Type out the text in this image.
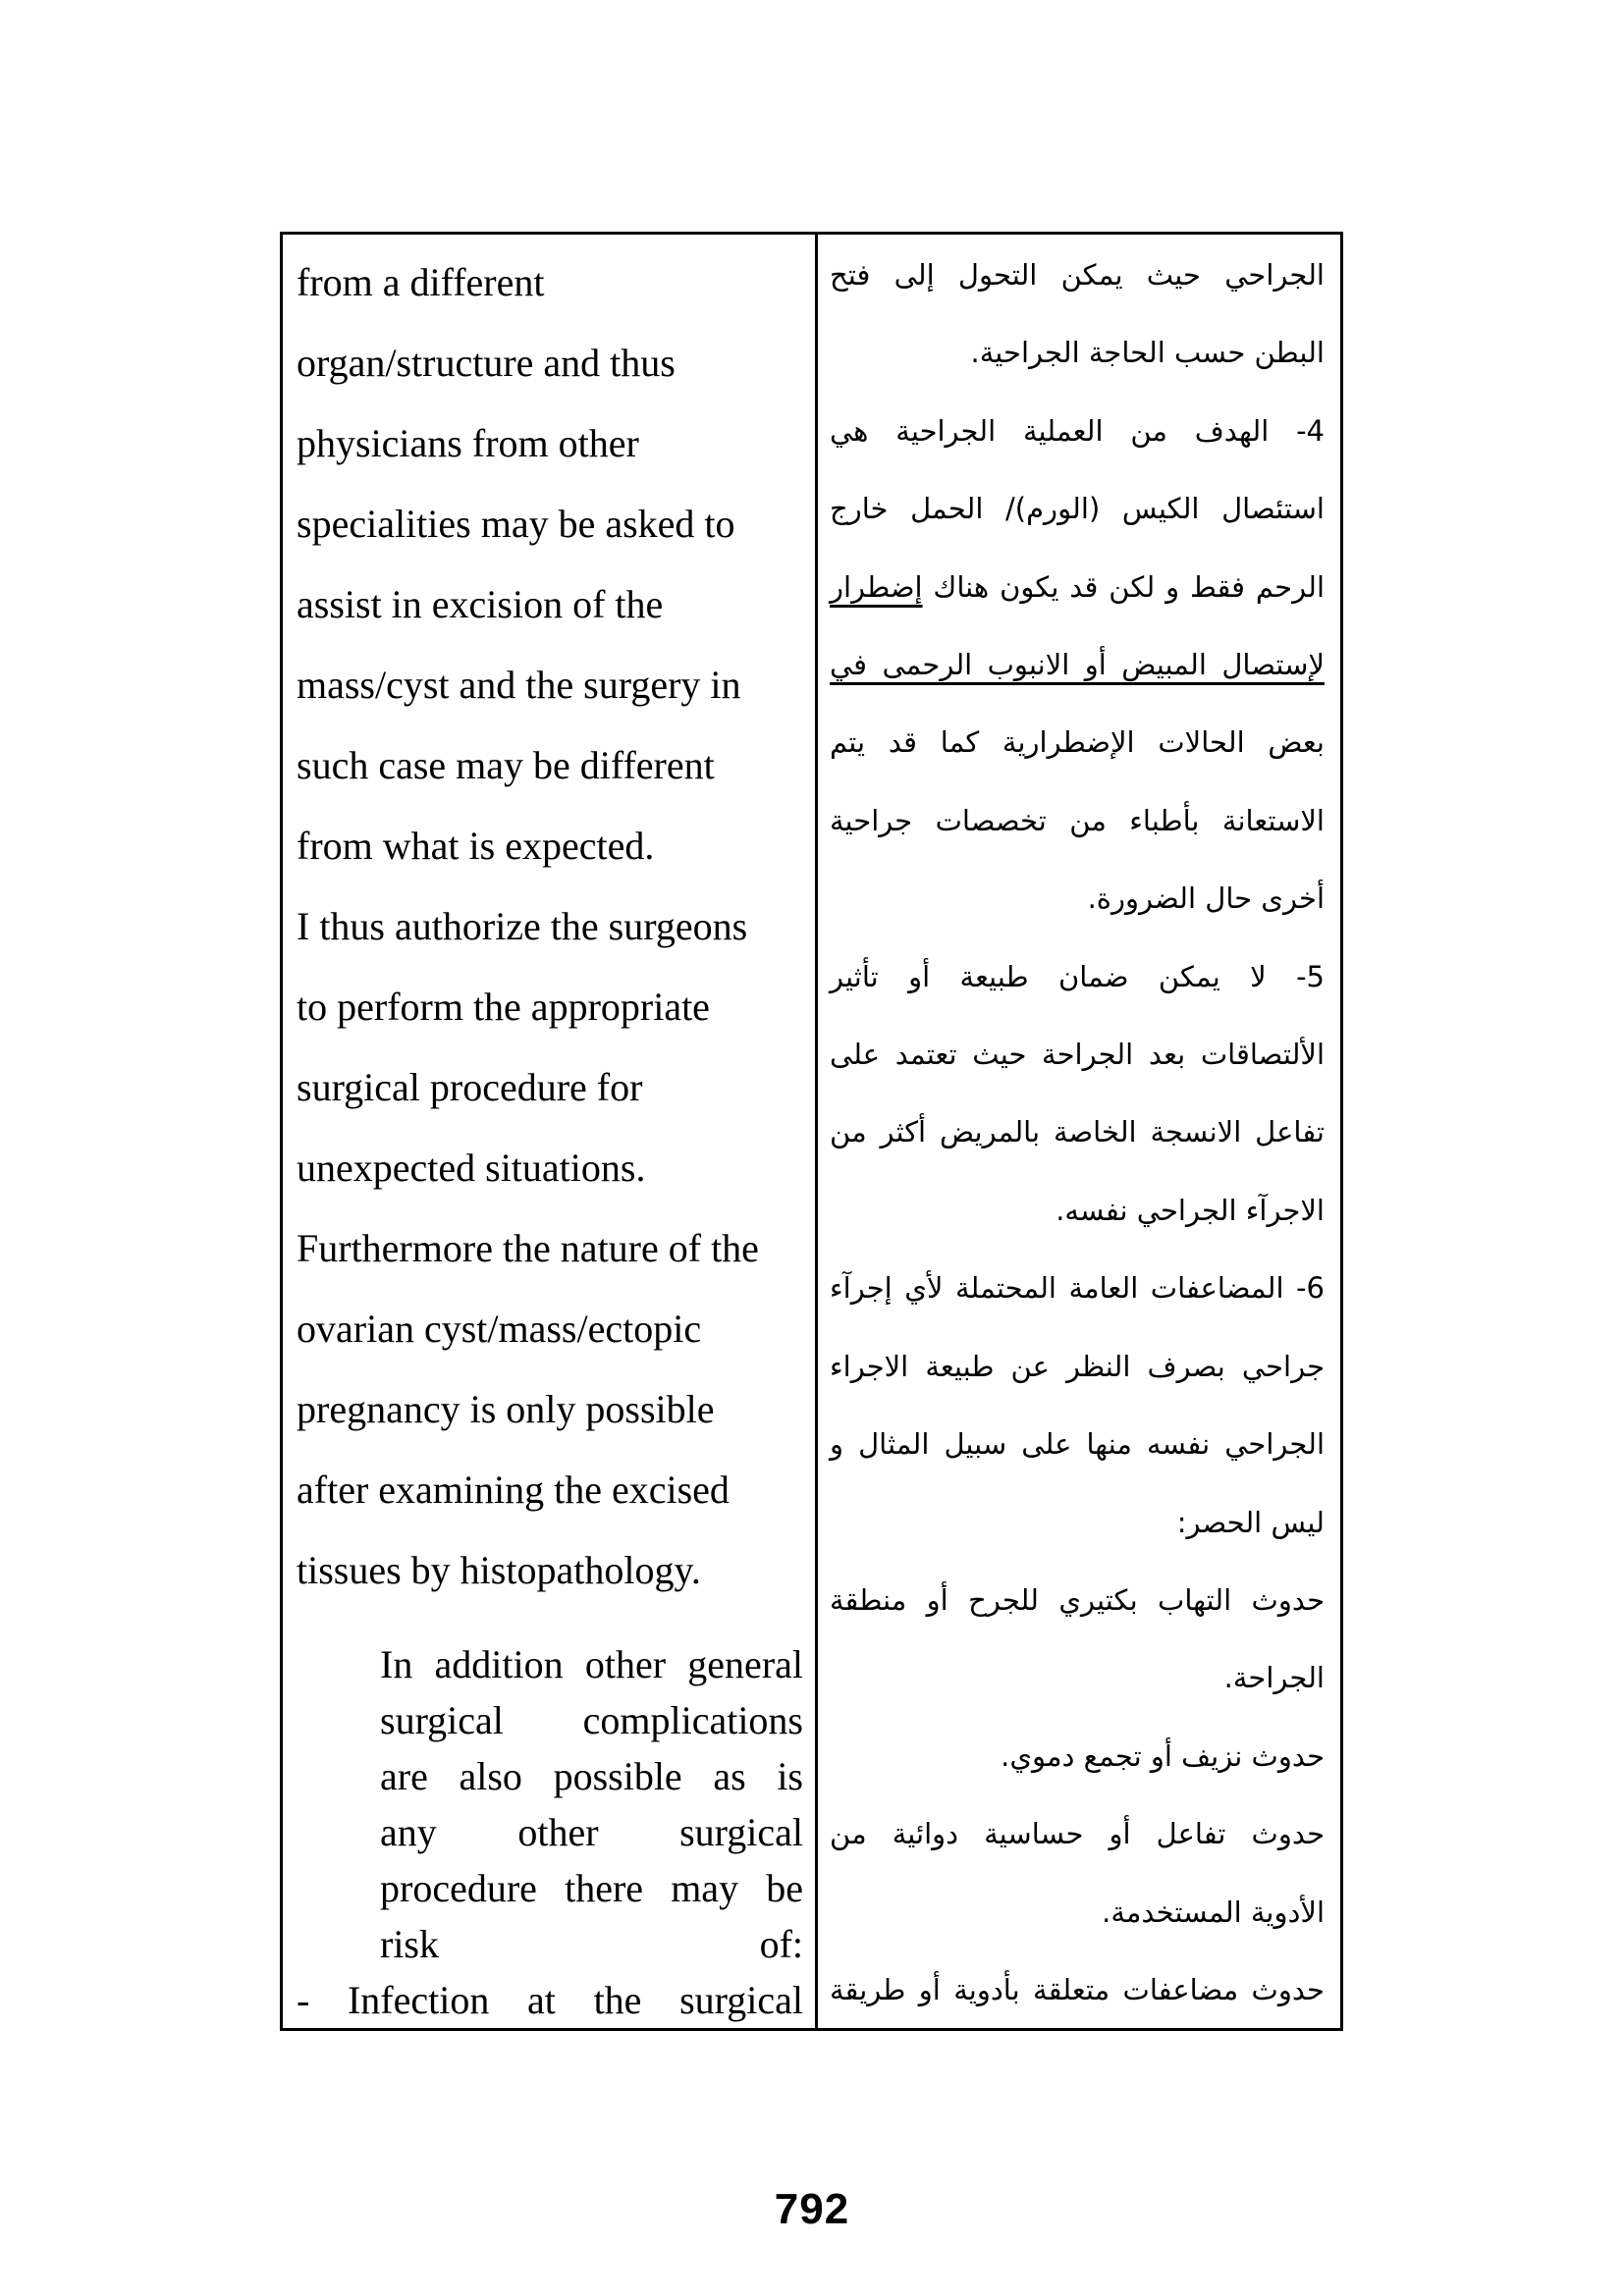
from a different
organ/structure and thus
physicians from other
specialities may be asked to
assist in excision of the
mass/cyst and the surgery in
such case may be different
from what is expected.
I thus authorize the surgeons
to perform the appropriate
surgical procedure for
unexpected situations.
Furthermore the nature of the
ovarian cyst/mass/ectopic
pregnancy is only possible
after examining the excised
tissues by histopathology.
In addition other general
surgical complications
are also possible as is
any other surgical
procedure there may be
risk of:
- Infection at the surgical
الجراحي حيث يمكن التحول إلى فتح
البطن حسب الحاجة الجراحية.
4- الهدف من العملية الجراحية هي
استئصال الكيس (الورم)/ الحمل خارج
الرحم فقط و لكن قد يكون هناك إضطرار
لإستصال المبيض أو الانبوب الرحمى في
بعض الحالات الإضطرارية كما قد يتم
الاستعانة بأطباء من تخصصات جراحية
أخرى حال الضرورة.
5- لا يمكن ضمان طبيعة أو تأثير
الألتصاقات بعد الجراحة حيث تعتمد على
تفاعل الانسجة الخاصة بالمريض أكثر من
الاجرآء الجراحي نفسه.
6- المضاعفات العامة المحتملة لأي إجرآء
جراحي بصرف النظر عن طبيعة الاجراء
الجراحي نفسه منها على سبيل المثال و
ليس الحصر:
حدوث التهاب بكتيري للجرح أو منطقة
الجراحة.
حدوث نزيف أو تجمع دموي.
حدوث تفاعل أو حساسية دوائية من
الأدوية المستخدمة.
حدوث مضاعفات متعلقة بأدوية أو طريقة
792
